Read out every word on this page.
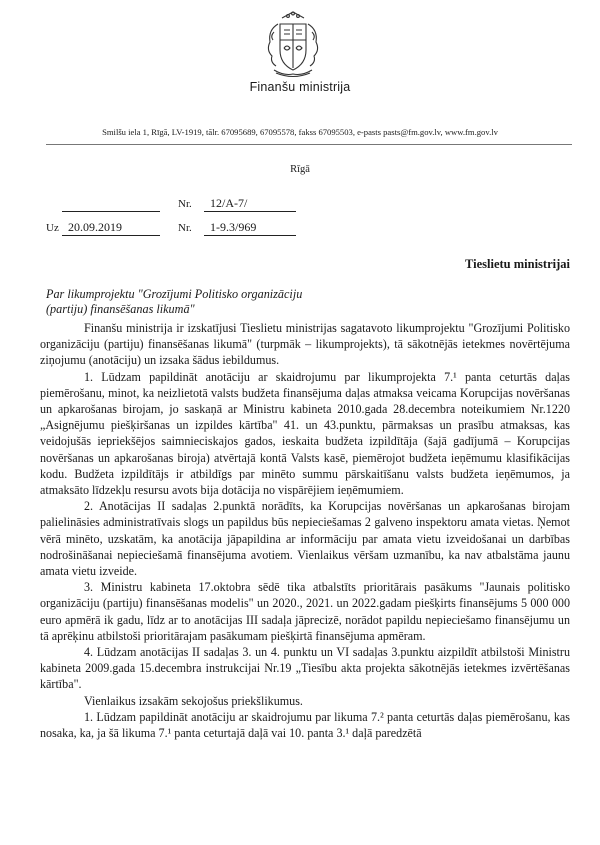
Finanšu ministrija
Smilšu iela 1, Rīgā, LV-1919, tālr. 67095689, 67095578, fakss 67095503, e-pasts pasts@fm.gov.lv, www.fm.gov.lv
Rīgā
Nr. 12/A-7/
Uz 20.09.2019	Nr. 1-9.3/969
Tieslietu ministrijai
Par likumprojektu "Grozījumi Politisko organizāciju (partiju) finansēšanas likumā"

Finanšu ministrija ir izskatījusi Tieslietu ministrijas sagatavoto likumprojektu "Grozījumi Politisko organizāciju (partiju) finansēšanas likumā" (turpmāk – likumprojekts), tā sākotnējās ietekmes novērtējuma ziņojumu (anotāciju) un izsaka šādus iebildumus.

1. Lūdzam papildināt anotāciju ar skaidrojumu par likumprojekta 7.¹ panta ceturtās daļas piemērošanu, minot, ka neizlietotā valsts budžeta finansējuma daļas atmaksa veicama Korupcijas novēršanas un apkarošanas birojam, jo saskaņā ar Ministru kabineta 2010.gada 28.decembra noteikumiem Nr.1220 „Asignējumu piešķiršanas un izpildes kārtība" 41. un 43.punktu, pārmaksas un prasību atmaksas, kas veidojušās iepriekšējos saimnieciskajos gados, ieskaita budžeta izpildītāja (šajā gadījumā – Korupcijas novēršanas un apkarošanas biroja) atvērtajā kontā Valsts kasē, piemērojot budžeta ieņēmumu klasifikācijas kodu. Budžeta izpildītājs ir atbildīgs par minēto summu pārskaitīšanu valsts budžeta ieņēmumos, ja atmaksāto līdzekļu resursu avots bija dotācija no vispārējiem ieņēmumiem.

2. Anotācijas II sadaļas 2.punktā norādīts, ka Korupcijas novēršanas un apkarošanas birojam palielināsies administratīvais slogs un papildus būs nepieciešamas 2 galveno inspektoru amata vietas. Ņemot vērā minēto, uzskatām, ka anotācija jāpapildina ar informāciju par amata vietu izveidošanai un darbības nodrošināšanai nepieciešamā finansējuma avotiem. Vienlaikus vēršam uzmanību, ka nav atbalstāma jaunu amata vietu izveide.

3. Ministru kabineta 17.oktobra sēdē tika atbalstīts prioritārais pasākums "Jaunais politisko organizāciju (partiju) finansēšanas modelis" un 2020., 2021. un 2022.gadam piešķirts finansējums 5 000 000 euro apmērā ik gadu, līdz ar to anotācijas III sadaļa jāprecizē, norādot papildu nepieciešamo finansējumu un tā aprēķinu atbilstoši prioritārajam pasākumam piešķirtā finansējuma apmēram.

4. Lūdzam anotācijas II sadaļas 3. un 4. punktu un VI sadaļas 3.punktu aizpildīt atbilstoši Ministru kabineta 2009.gada 15.decembra instrukcijai Nr.19 „Tiesību akta projekta sākotnējās ietekmes izvērtēšanas kārtība".

Vienlaikus izsakām sekojošus priekšlikumus.

1. Lūdzam papildināt anotāciju ar skaidrojumu par likuma 7.² panta ceturtās daļas piemērošanu, kas nosaka, ka, ja šā likuma 7.¹ panta ceturtajā daļā vai 10. panta 3.¹ daļā paredzētā
